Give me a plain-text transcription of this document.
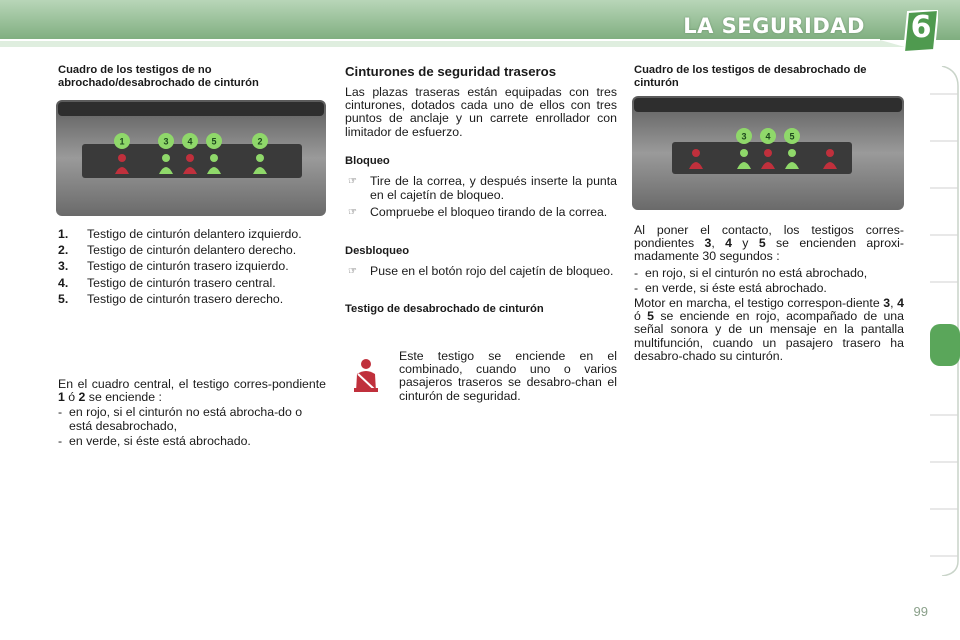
LA SEGURIDAD 6
Cuadro de los testigos de no abrochado/desabrochado de cinturón
1	3 4 5	2
1.	Testigo de cinturón delantero izquierdo.
2.	Testigo de cinturón delantero derecho.
3.	Testigo de cinturón trasero izquierdo.
4.	Testigo de cinturón trasero central.
5.	Testigo de cinturón trasero derecho.

En el cuadro central, el testigo corres-pondiente 1 ó 2 se enciende :

- en rojo, si el cinturón no está abrocha-do o está desabrochado,
- en verde, si éste está abrochado.
Cinturones de seguridad traseros

Las plazas traseras están equipadas con tres cinturones, dotados cada uno de ellos con tres puntos de anclaje y un carrete enrollador con limitador de esfuerzo.

Bloqueo
☞	Tire de la correa, y después inserte la punta en el cajetín de bloqueo.
☞	Compruebe el bloqueo tirando de la correa.
Desbloqueo
☞	Puse en el botón rojo del cajetín de bloqueo.
Testigo de desabrochado de cinturón

Este testigo se enciende en el combinado, cuando uno o varios pasajeros traseros se desabro-chan el cinturón de seguridad.

Cuadro de los testigos de desabrochado de cinturón
3 4 5

Al poner el contacto, los testigos corres-pondientes 3, 4 y 5 se encienden aproxi-madamente 30 segundos :

- en rojo, si el cinturón no está abrochado,
- en verde, si éste está abrochado.

Motor en marcha, el testigo correspon-diente 3, 4 ó 5 se enciende en rojo, acompañado de una señal sonora y de un mensaje en la pantalla multifunción, cuando un pasajero trasero ha desabro-chado su cinturón.

99
